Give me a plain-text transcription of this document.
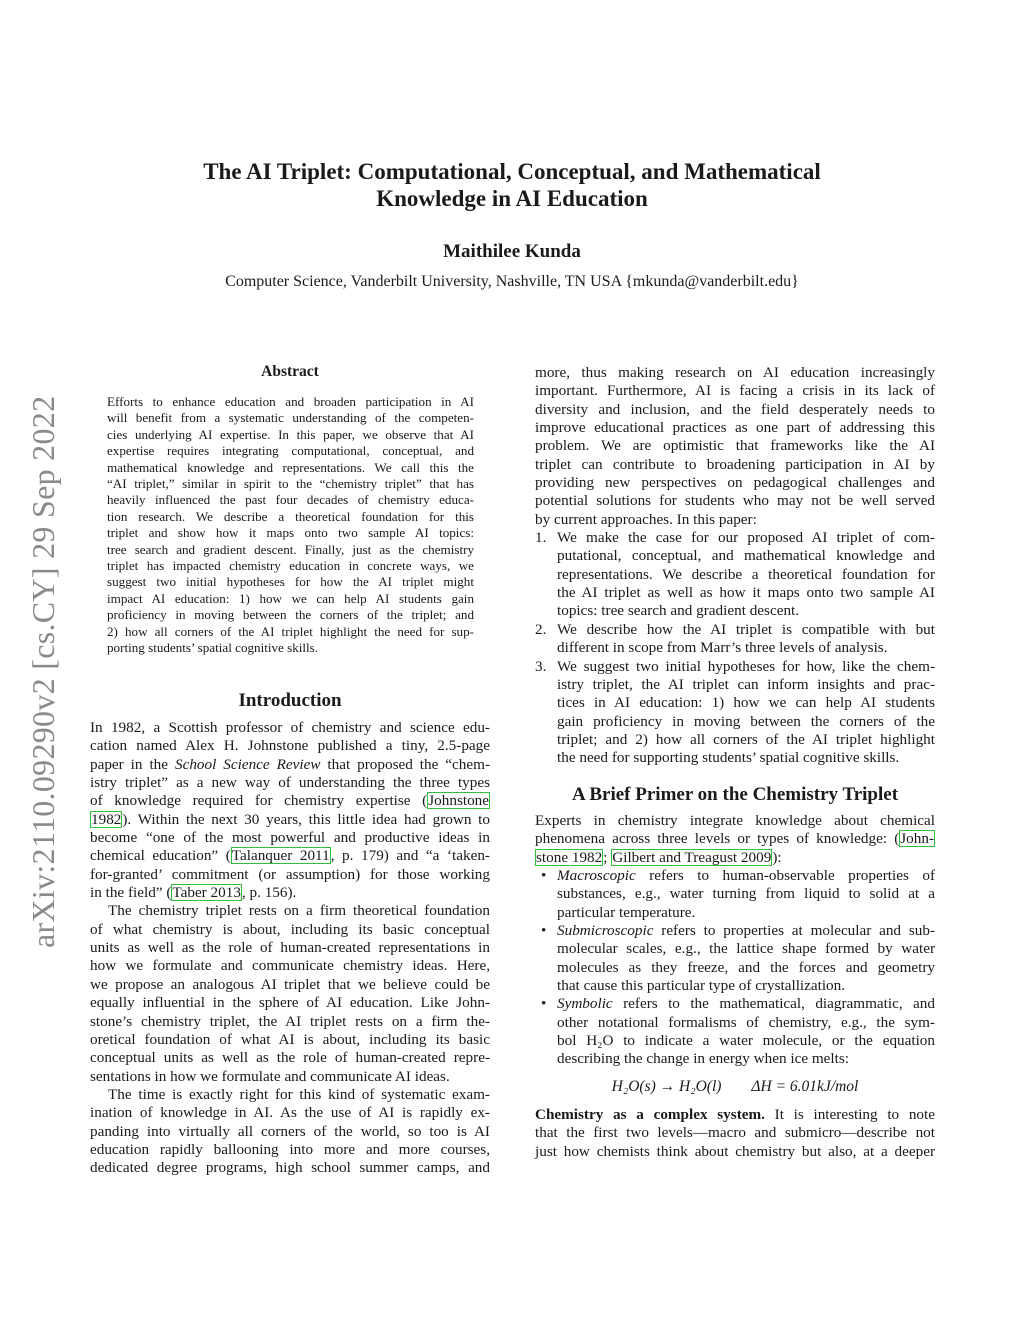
arXiv:2110.09290v2 [cs.CY] 29 Sep 2022
The AI Triplet: Computational, Conceptual, and Mathematical
Knowledge in AI Education
Maithilee Kunda
Computer Science, Vanderbilt University, Nashville, TN USA {mkunda@vanderbilt.edu}
Abstract
Efforts to enhance education and broaden participation in AI
will benefit from a systematic understanding of the competen-
cies underlying AI expertise. In this paper, we observe that AI
expertise requires integrating computational, conceptual, and
mathematical knowledge and representations. We call this the
“AI triplet,” similar in spirit to the “chemistry triplet” that has
heavily influenced the past four decades of chemistry educa-
tion research. We describe a theoretical foundation for this
triplet and show how it maps onto two sample AI topics:
tree search and gradient descent. Finally, just as the chemistry
triplet has impacted chemistry education in concrete ways, we
suggest two initial hypotheses for how the AI triplet might
impact AI education: 1) how we can help AI students gain
proficiency in moving between the corners of the triplet; and
2) how all corners of the AI triplet highlight the need for sup-
porting students’ spatial cognitive skills.
Introduction
In 1982, a Scottish professor of chemistry and science edu-
cation named Alex H. Johnstone published a tiny, 2.5-page
paper in the School Science Review that proposed the “chem-
istry triplet” as a new way of understanding the three types
of knowledge required for chemistry expertise (Johnstone
1982). Within the next 30 years, this little idea had grown to
become “one of the most powerful and productive ideas in
chemical education” (Talanquer 2011, p. 179) and “a ‘taken-
for-granted’ commitment (or assumption) for those working
in the field” (Taber 2013, p. 156).
The chemistry triplet rests on a firm theoretical foundation
of what chemistry is about, including its basic conceptual
units as well as the role of human-created representations in
how we formulate and communicate chemistry ideas. Here,
we propose an analogous AI triplet that we believe could be
equally influential in the sphere of AI education. Like John-
stone’s chemistry triplet, the AI triplet rests on a firm the-
oretical foundation of what AI is about, including its basic
conceptual units as well as the role of human-created repre-
sentations in how we formulate and communicate AI ideas.
The time is exactly right for this kind of systematic exam-
ination of knowledge in AI. As the use of AI is rapidly ex-
panding into virtually all corners of the world, so too is AI
education rapidly ballooning into more and more courses,
dedicated degree programs, high school summer camps, and
more, thus making research on AI education increasingly
important. Furthermore, AI is facing a crisis in its lack of
diversity and inclusion, and the field desperately needs to
improve educational practices as one part of addressing this
problem. We are optimistic that frameworks like the AI
triplet can contribute to broadening participation in AI by
providing new perspectives on pedagogical challenges and
potential solutions for students who may not be well served
by current approaches. In this paper:
1. We make the case for our proposed AI triplet of com-
putational, conceptual, and mathematical knowledge and
representations. We describe a theoretical foundation for
the AI triplet as well as how it maps onto two sample AI
topics: tree search and gradient descent.
2. We describe how the AI triplet is compatible with but
different in scope from Marr’s three levels of analysis.
3. We suggest two initial hypotheses for how, like the chem-
istry triplet, the AI triplet can inform insights and prac-
tices in AI education: 1) how we can help AI students
gain proficiency in moving between the corners of the
triplet; and 2) how all corners of the AI triplet highlight
the need for supporting students’ spatial cognitive skills.
A Brief Primer on the Chemistry Triplet
Experts in chemistry integrate knowledge about chemical
phenomena across three levels or types of knowledge: (John-
stone 1982; Gilbert and Treagust 2009):
• Macroscopic refers to human-observable properties of
substances, e.g., water turning from liquid to solid at a
particular temperature.
• Submicroscopic refers to properties at molecular and sub-
molecular scales, e.g., the lattice shape formed by water
molecules as they freeze, and the forces and geometry
that cause this particular type of crystallization.
• Symbolic refers to the mathematical, diagrammatic, and
other notational formalisms of chemistry, e.g., the sym-
bol H₂O to indicate a water molecule, or the equation
describing the change in energy when ice melts:
H₂O(s) → H₂O(l) ΔH = 6.01kJ/mol
Chemistry as a complex system. It is interesting to note
that the first two levels—macro and submicro—describe not
just how chemists think about chemistry but also, at a deeper
